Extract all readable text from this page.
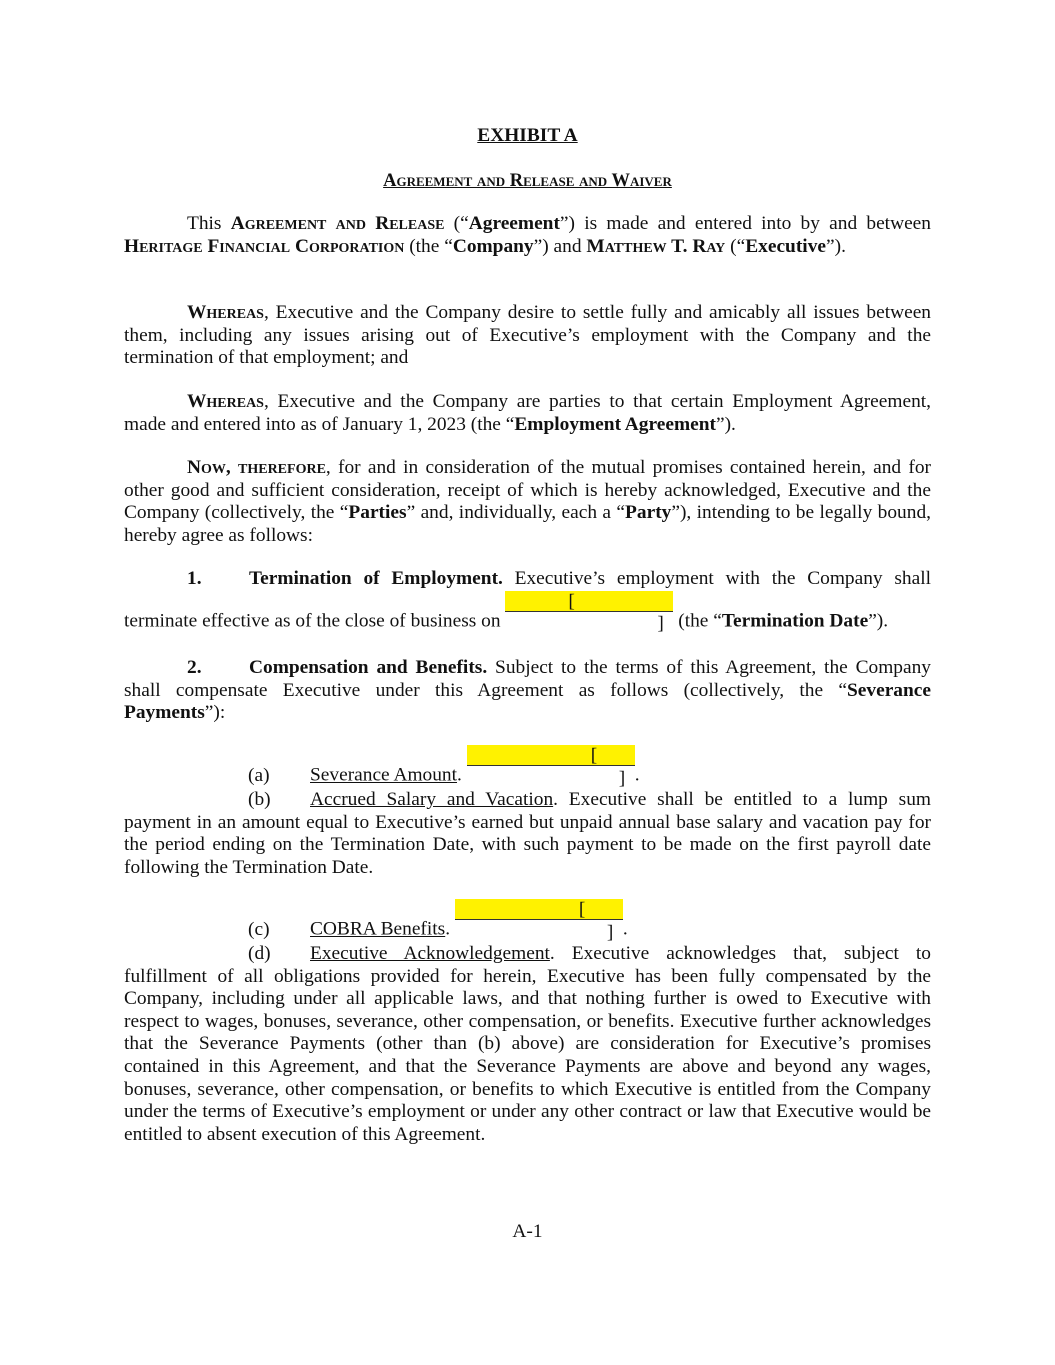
EXHIBIT A
Agreement and Release and Waiver

This Agreement and Release (“Agreement”) is made and entered into by and between Heritage Financial Corporation (the “Company”) and Matthew T. Ray (“Executive”).

Whereas, Executive and the Company desire to settle fully and amicably all issues between them, including any issues arising out of Executive’s employment with the Company and the termination of that employment; and

Whereas, Executive and the Company are parties to that certain Employment Agreement, made and entered into as of January 1, 2023 (the “Employment Agreement”).

Now, therefore, for and in consideration of the mutual promises contained herein, and for other good and sufficient consideration, receipt of which is hereby acknowledged, Executive and the Company (collectively, the “Parties” and, individually, each a “Party”), intending to be legally bound, hereby agree as follows:

1. Termination of Employment. Executive’s employment with the Company shall terminate effective as of the close of business on [] (the “Termination Date”).

2. Compensation and Benefits. Subject to the terms of this Agreement, the Company shall compensate Executive under this Agreement as follows (collectively, the “Severance Payments”):

(a) Severance Amount. [] .

(b) Accrued Salary and Vacation. Executive shall be entitled to a lump sum payment in an amount equal to Executive’s earned but unpaid annual base salary and vacation pay for the period ending on the Termination Date, with such payment to be made on the first payroll date following the Termination Date.

(c) COBRA Benefits. [] .

(d) Executive Acknowledgement. Executive acknowledges that, subject to fulfillment of all obligations provided for herein, Executive has been fully compensated by the Company, including under all applicable laws, and that nothing further is owed to Executive with respect to wages, bonuses, severance, other compensation, or benefits. Executive further acknowledges that the Severance Payments (other than (b) above) are consideration for Executive’s promises contained in this Agreement, and that the Severance Payments are above and beyond any wages, bonuses, severance, other compensation, or benefits to which Executive is entitled from the Company under the terms of Executive’s employment or under any other contract or law that Executive would be entitled to absent execution of this Agreement.

A-1
